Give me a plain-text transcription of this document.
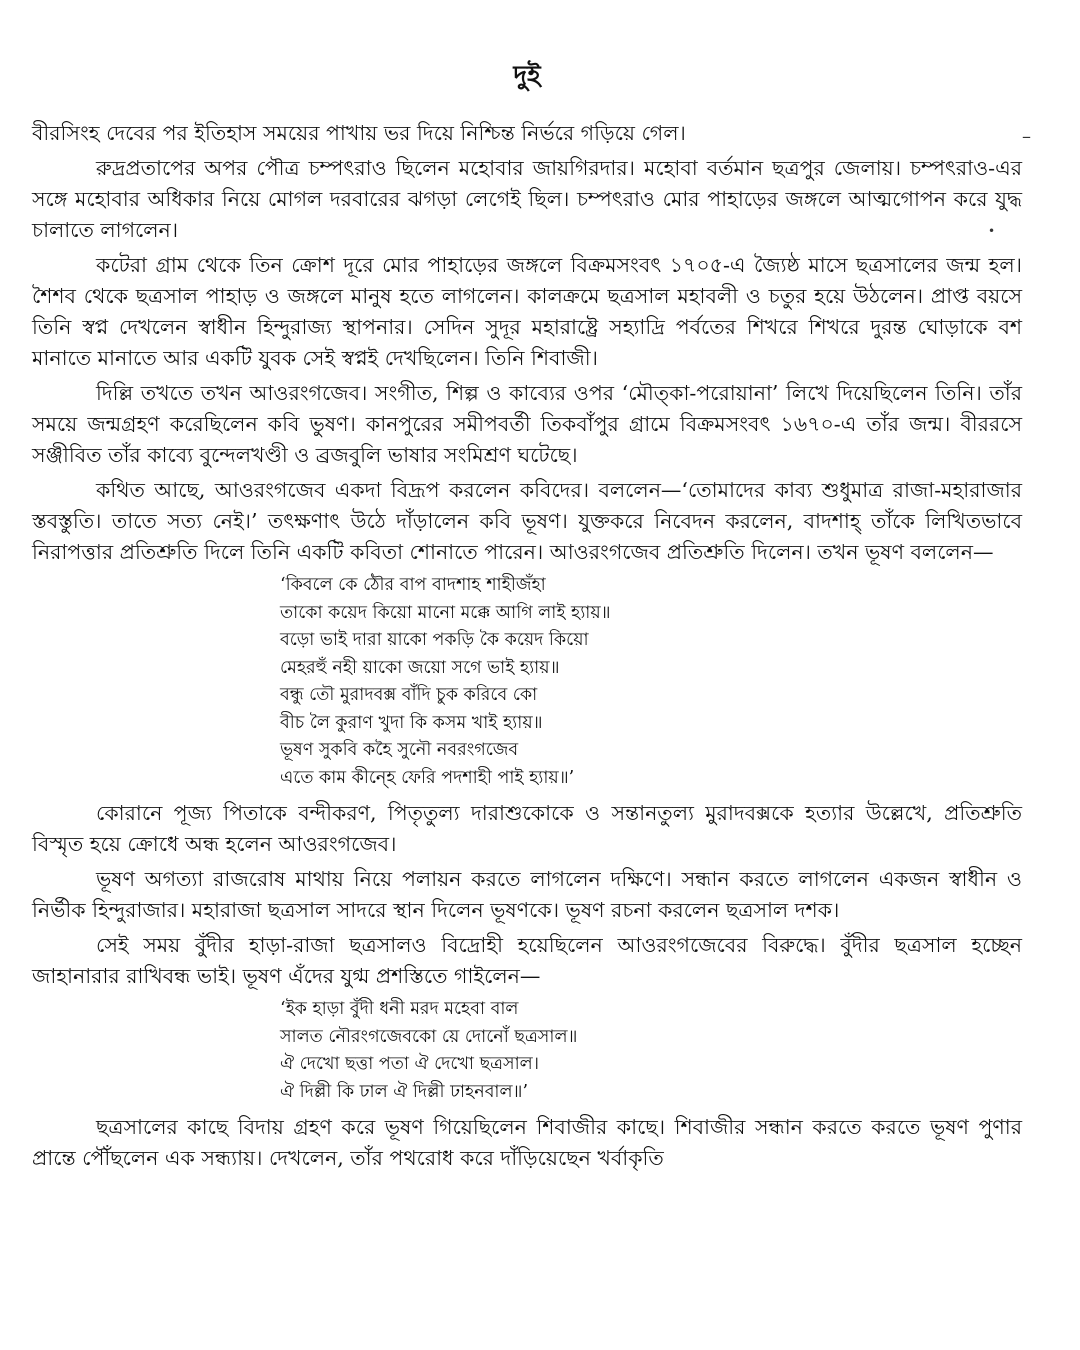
দুই

বীরসিংহ দেবের পর ইতিহাস সময়ের পাখায় ভর দিয়ে নিশ্চিন্ত নির্ভরে গড়িয়ে গেল।

রুদ্রপ্রতাপের অপর পৌত্র চম্পৎরাও ছিলেন মহোবার জায়গিরদার। মহোবা বর্তমান ছত্রপুর জেলায়। চম্পৎরাও-এর সঙ্গে মহোবার অধিকার নিয়ে মোগল দরবারের ঝগড়া লেগেই ছিল। চম্পৎরাও মোর পাহাড়ের জঙ্গলে আত্মগোপন করে যুদ্ধ চালাতে লাগলেন।

কটেরা গ্রাম থেকে তিন ক্রোশ দূরে মোর পাহাড়ের জঙ্গলে বিক্রমসংবৎ ১৭০৫-এ জ্যৈষ্ঠ মাসে ছত্রসালের জন্ম হল। শৈশব থেকে ছত্রসাল পাহাড় ও জঙ্গলে মানুষ হতে লাগলেন। কালক্রমে ছত্রসাল মহাবলী ও চতুর হয়ে উঠলেন। প্রাপ্ত বয়সে তিনি স্বপ্ন দেখলেন স্বাধীন হিন্দুরাজ্য স্থাপনার। সেদিন সুদূর মহারাষ্ট্রে সহ্যাদ্রি পর্বতের শিখরে শিখরে দুরন্ত ঘোড়াকে বশ মানাতে মানাতে আর একটি যুবক সেই স্বপ্নই দেখছিলেন। তিনি শিবাজী।

দিল্লি তখতে তখন আওরংগজেব। সংগীত, শিল্প ও কাব্যের ওপর ‘মৌত্‌কা-পরোয়ানা’ লিখে দিয়েছিলেন তিনি। তাঁর সময়ে জন্মগ্রহণ করেছিলেন কবি ভুষণ। কানপুরের সমীপবর্তী তিকবাঁপুর গ্রামে বিক্রমসংবৎ ১৬৭০-এ তাঁর জন্ম। বীররসে সঞ্জীবিত তাঁর কাব্যে বুন্দেলখণ্ডী ও ব্রজবুলি ভাষার সংমিশ্রণ ঘটেছে।

কথিত আছে, আওরংগজেব একদা বিদ্রূপ করলেন কবিদের। বললেন—‘তোমাদের কাব্য শুধুমাত্র রাজা-মহারাজার স্তবস্তুতি। তাতে সত্য নেই।’ তৎক্ষণাৎ উঠে দাঁড়ালেন কবি ভূষণ। যুক্তকরে নিবেদন করলেন, বাদশাহ্ তাঁকে লিখিতভাবে নিরাপত্তার প্রতিশ্রুতি দিলে তিনি একটি কবিতা শোনাতে পারেন। আওরংগজেব প্রতিশ্রুতি দিলেন। তখন ভূষণ বললেন—

‘কিবলে কে ঠৌর বাপ বাদশাহ শাহীজঁহা
তাকো কয়েদ কিয়ো মানো মক্কে আগি লাই হ্যায়॥
বড়ো ভাই দারা য়াকো পকড়ি কৈ কয়েদ কিয়ো
মেহরহুঁ নহী য়াকো জয়ো সগে ভাই হ্যায়॥
বন্ধু তৌ মুরাদবক্স বাঁদি চুক করিবে কো
বীচ লৈ কুরাণ খুদা কি কসম খাই হ্যায়॥
ভূষণ সুকবি কহৈ সুনৌ নবরংগজেব
এতে কাম কীন্হে ফেরি পদশাহী পাই হ্যায়॥’

কোরানে পূজ্য পিতাকে বন্দীকরণ, পিতৃতুল্য দারাশুকোকে ও সন্তানতুল্য মুরাদবক্সকে হত্যার উল্লেখে, প্রতিশ্রুতি বিস্মৃত হয়ে ক্রোধে অন্ধ হলেন আওরংগজেব।

ভূষণ অগত্যা রাজরোষ মাথায় নিয়ে পলায়ন করতে লাগলেন দক্ষিণে। সন্ধান করতে লাগলেন একজন স্বাধীন ও নির্ভীক হিন্দুরাজার। মহারাজা ছত্রসাল সাদরে স্থান দিলেন ভূষণকে। ভূষণ রচনা করলেন ছত্রসাল দশক।

সেই সময় বুঁদীর হাড়া-রাজা ছত্রসালও বিদ্রোহী হয়েছিলেন আওরংগজেবের বিরুদ্ধে। বুঁদীর ছত্রসাল হচ্ছেন জাহানারার রাখিবন্ধ ভাই। ভূষণ এঁদের যুগ্ম প্রশস্তিতে গাইলেন—

‘ইক হাড়া বুঁদী ধনী মরদ মহেবা বাল
সালত নৌরংগজেবকো য়ে দোনোঁ ছত্রসাল॥
ঐ দেখো ছত্তা পতা ঐ দেখো ছত্রসাল।
ঐ দিল্লী কি ঢাল ঐ দিল্লী ঢাহনবাল॥’

ছত্রসালের কাছে বিদায় গ্রহণ করে ভূষণ গিয়েছিলেন শিবাজীর কাছে। শিবাজীর সন্ধান করতে করতে ভূষণ পুণার প্রান্তে পৌঁছলেন এক সন্ধ্যায়। দেখলেন, তাঁর পথরোধ করে দাঁড়িয়েছেন খর্বাকৃতি

–
•
